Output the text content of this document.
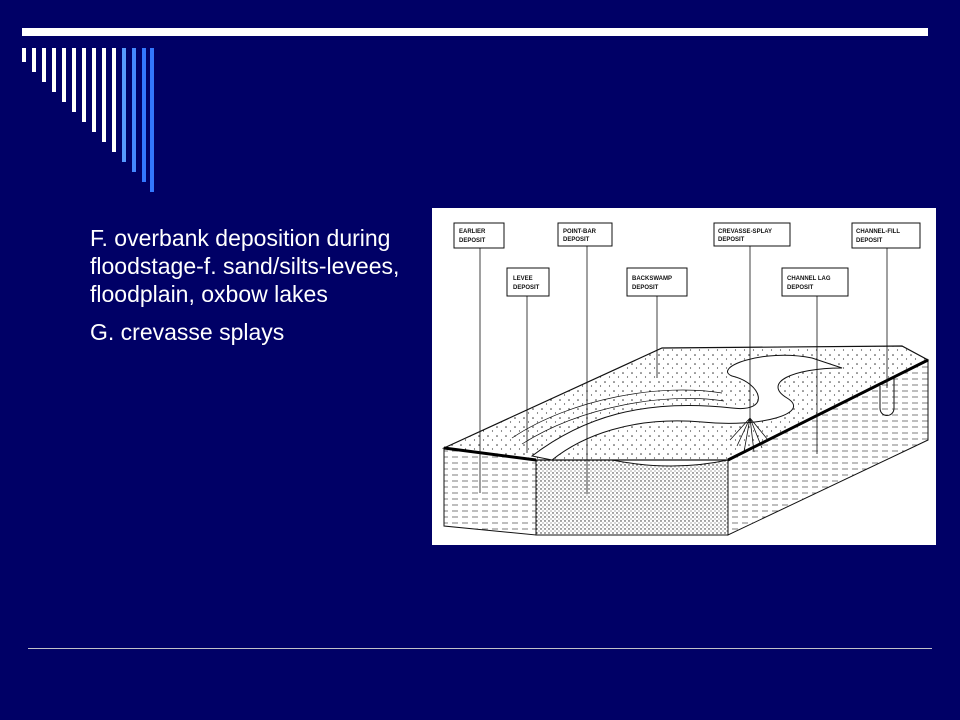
F. overbank deposition during floodstage-f. sand/silts-levees, floodplain, oxbow lakes

G. crevasse splays

EARLIER
DEPOSIT
LEVEE
DEPOSIT
POINT-BAR
DEPOSIT
BACKSWAMP
DEPOSIT
CREVASSE-SPLAY
DEPOSIT
CHANNEL LAG
DEPOSIT
CHANNEL-FILL
DEPOSIT
